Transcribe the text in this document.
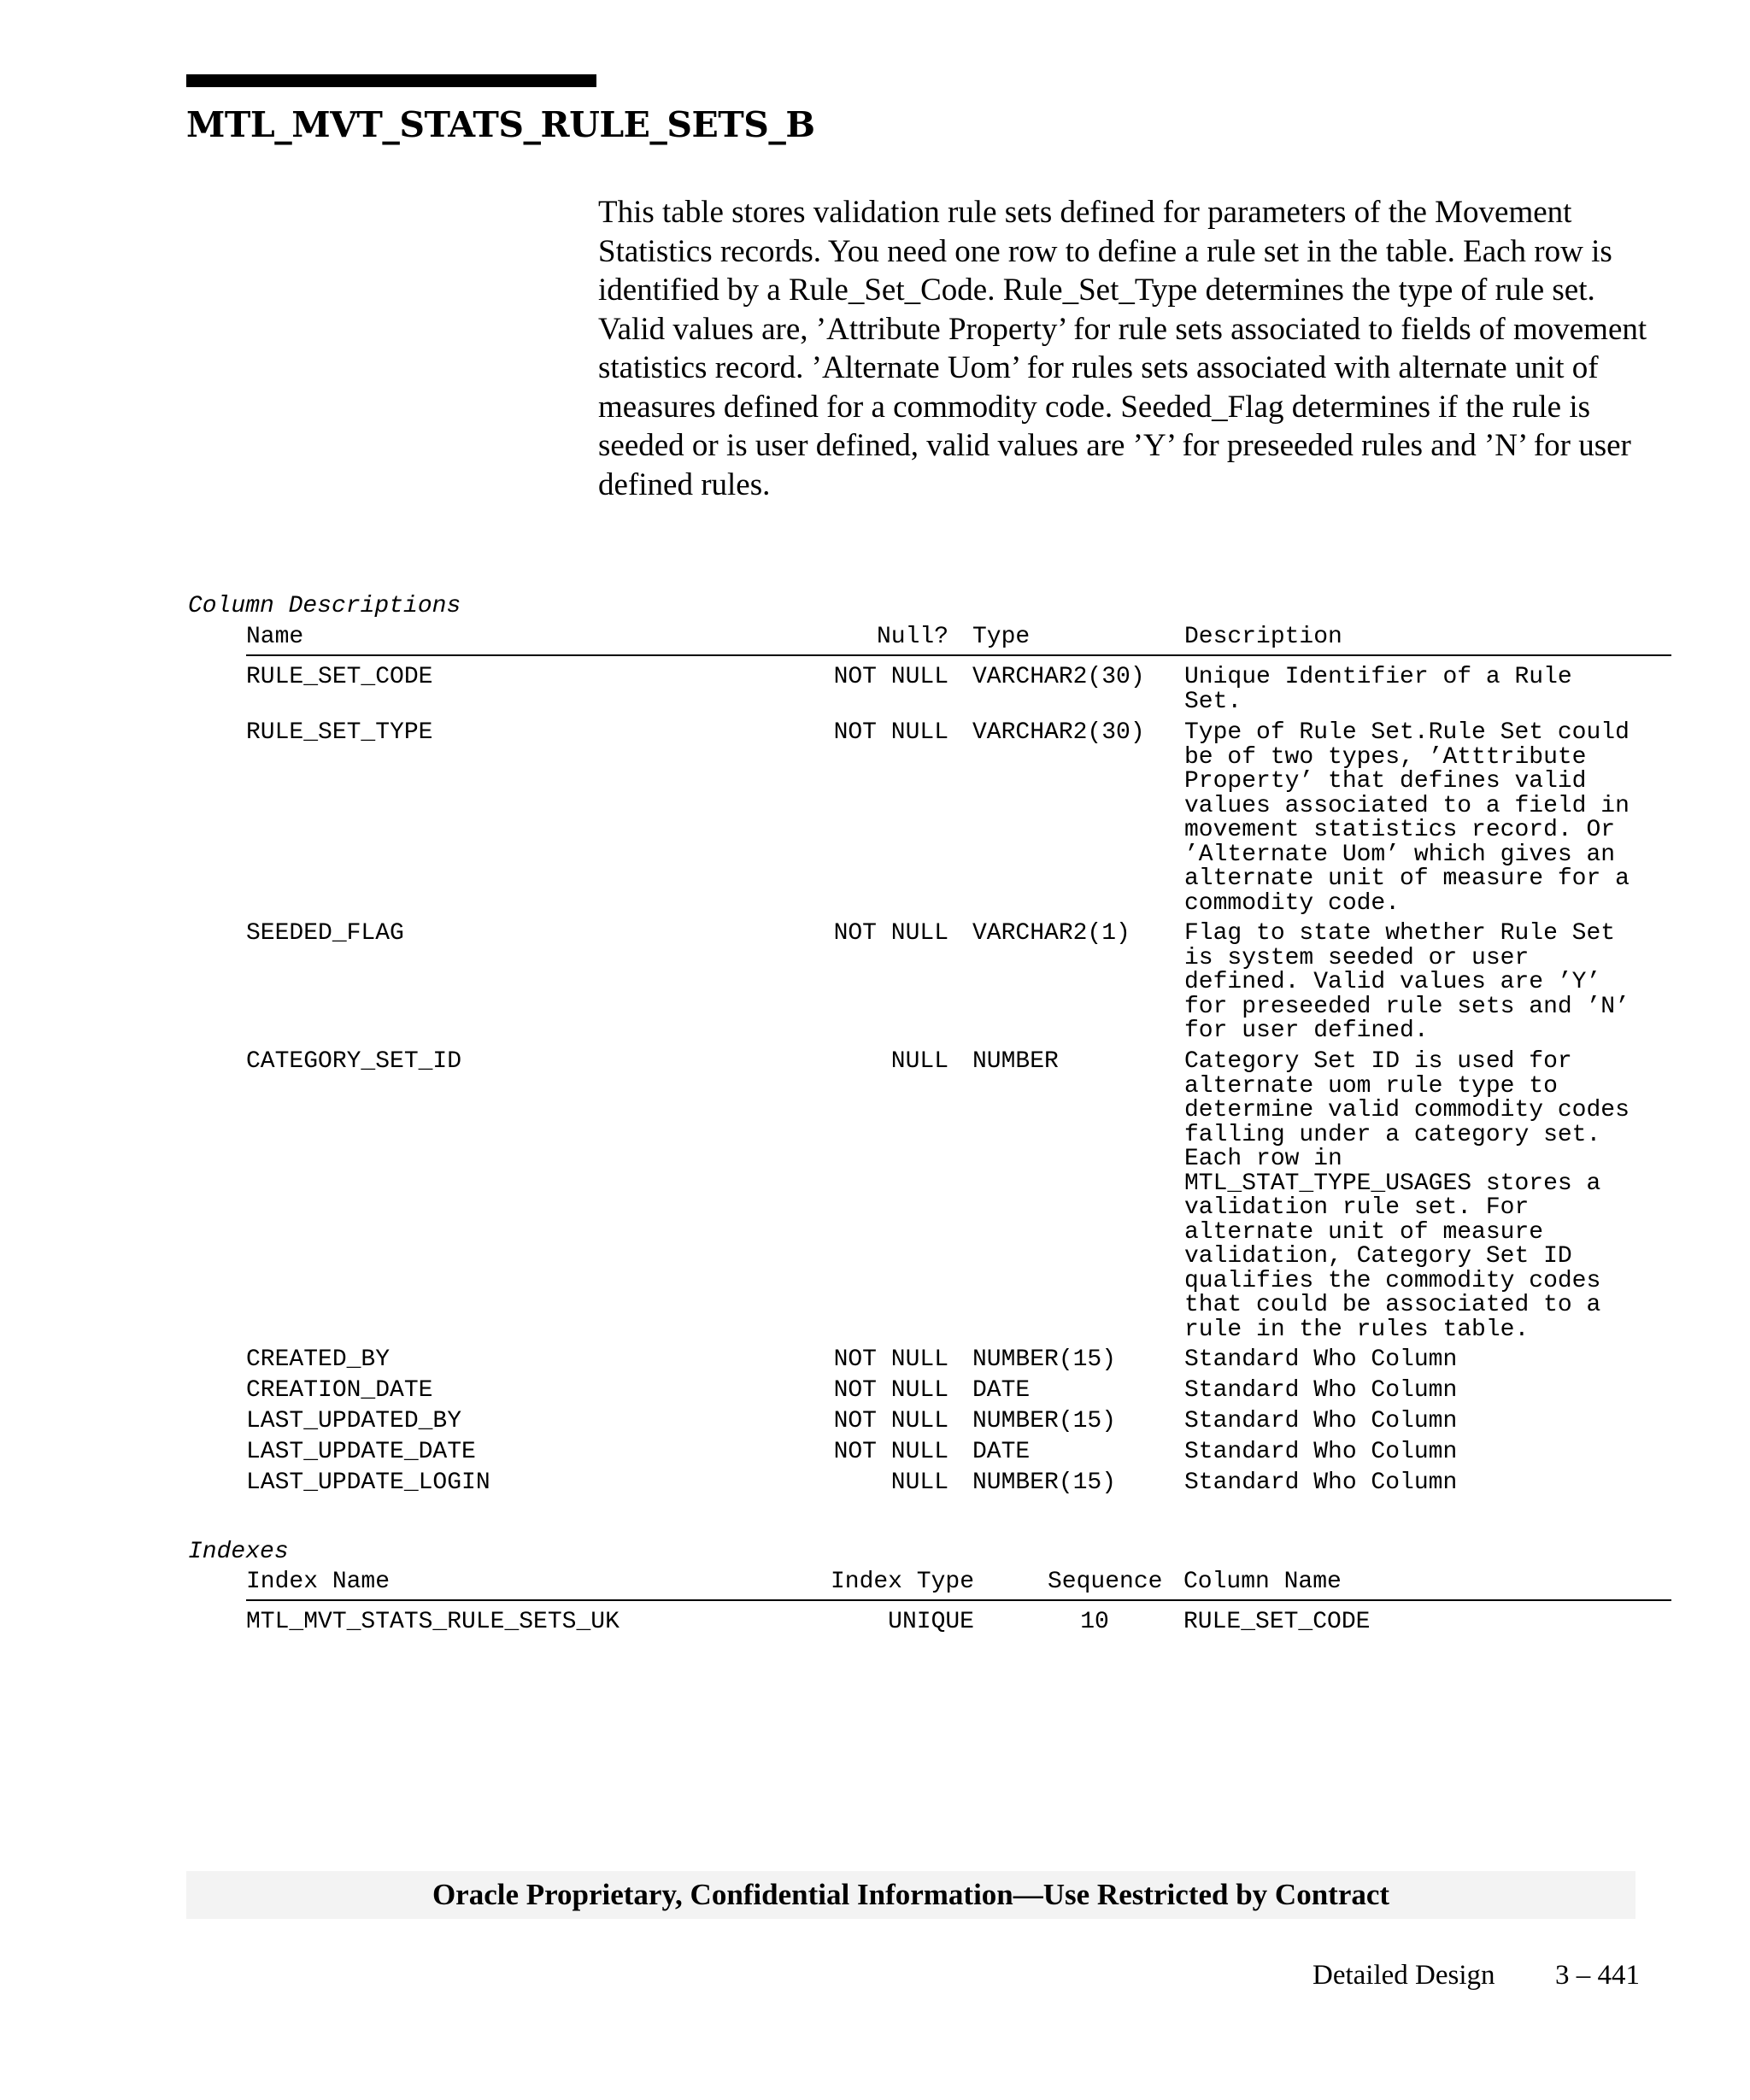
MTL_MVT_STATS_RULE_SETS_B

This table stores validation rule sets defined for parameters of the Movement Statistics records. You need one row to define a rule set in the table. Each row is identified by a Rule_Set_Code. Rule_Set_Type determines the type of rule set. Valid values are, ’Attribute Property’ for rule sets associated to fields of movement statistics record. ’Alternate Uom’ for rules sets associated with alternate unit of measures defined for a commodity code. Seeded_Flag determines if the rule is seeded or is user defined, valid values are ’Y’ for preseeded rules and ’N’ for user defined rules.

Column Descriptions

Name	Null? Type	Description
RULE_SET_CODE	NOT NULL VARCHAR2(30) Unique Identifier of a Rule
Set.
RULE_SET_TYPE	NOT NULL VARCHAR2(30) Type of Rule Set.Rule Set could
be of two types, ’Atttribute
Property’ that defines valid
values associated to a field in
movement statistics record. Or
’Alternate Uom’ which gives an
alternate unit of measure for a
commodity code.
SEEDED_FLAG	NOT NULL VARCHAR2(1) Flag to state whether Rule Set
is system seeded or user
defined. Valid values are ’Y’
for preseeded rule sets and ’N’
for user defined.
CATEGORY_SET_ID	NULL NUMBER	Category Set ID is used for
alternate uom rule type to
determine valid commodity codes
falling under a category set.
Each row in
MTL_STAT_TYPE_USAGES stores a
validation rule set. For
alternate unit of measure
validation, Category Set ID
qualifies the commodity codes
that could be associated to a
rule in the rules table.
CREATED_BY	NOT NULL NUMBER(15)	Standard Who Column
CREATION_DATE	NOT NULL DATE	Standard Who Column
LAST_UPDATED_BY	NOT NULL NUMBER(15)	Standard Who Column
LAST_UPDATE_DATE	NOT NULL DATE	Standard Who Column
LAST_UPDATE_LOGIN	NULL NUMBER(15)	Standard Who Column

Indexes

Index Name	Index Type	Sequence Column Name
MTL_MVT_STATS_RULE_SETS_UK	UNIQUE	10	RULE_SET_CODE
Oracle Proprietary, Confidential Information––Use Restricted by Contract
Detailed Design 3 – 441
